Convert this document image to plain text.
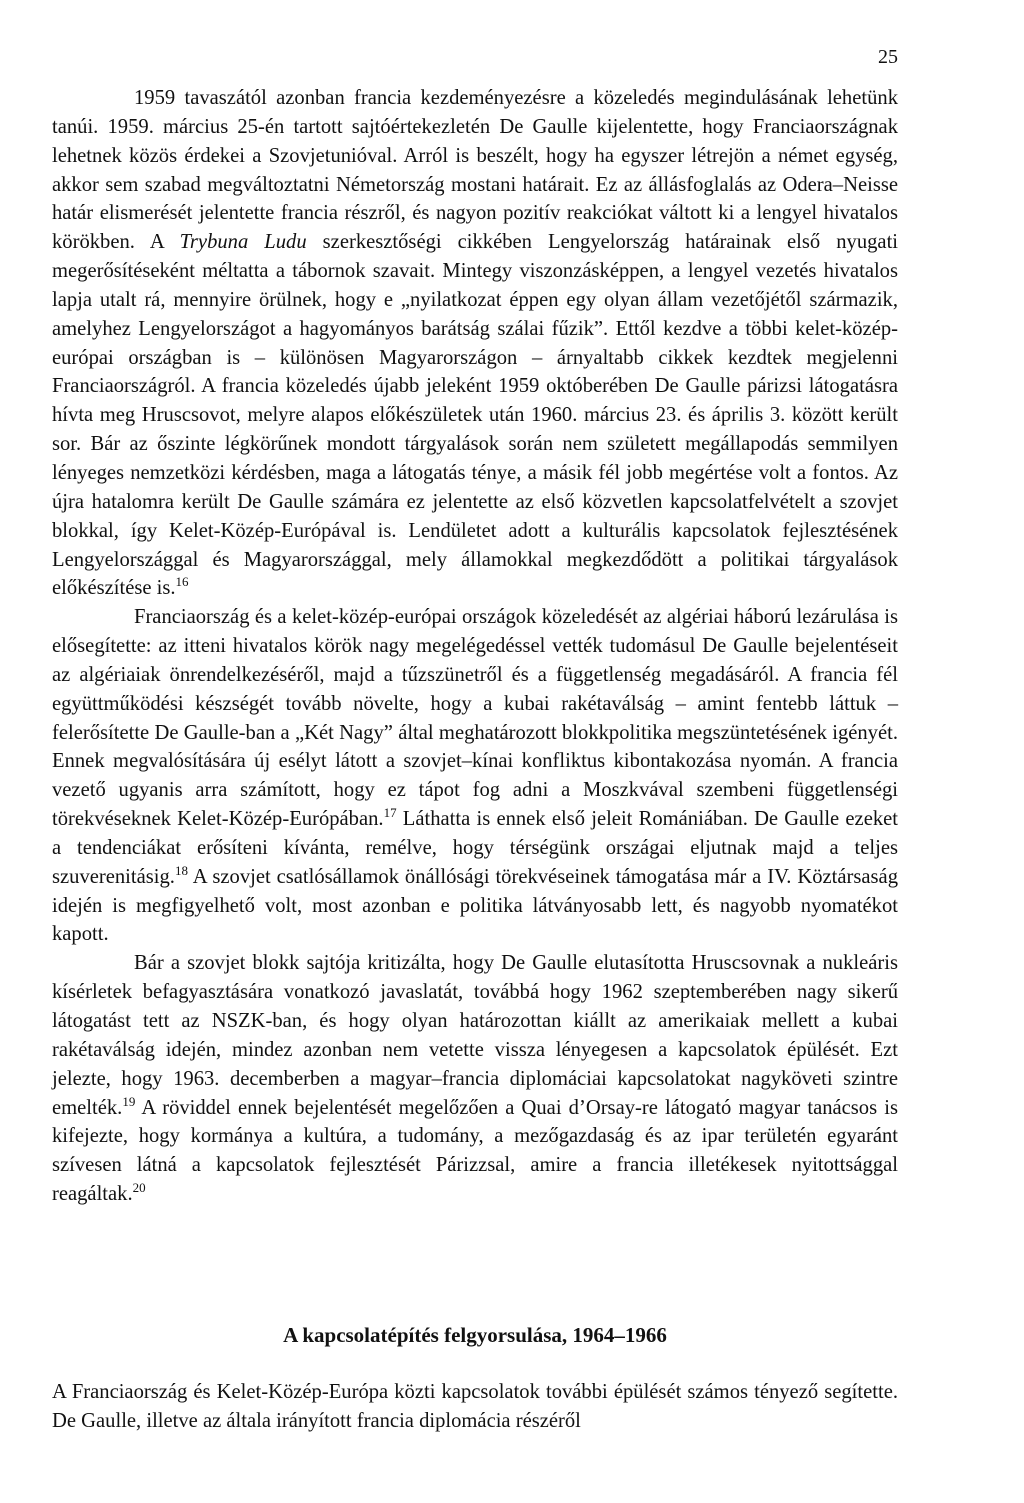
25

1959 tavaszától azonban francia kezdeményezésre a közeledés megindulásának lehetünk tanúi. 1959. március 25-én tartott sajtóértekezletén De Gaulle kijelentette, hogy Franciaországnak lehetnek közös érdekei a Szovjetunióval. Arról is beszélt, hogy ha egyszer létrejön a német egység, akkor sem szabad megváltoztatni Németország mostani határait. Ez az állásfoglalás az Odera–Neisse határ elismerését jelentette francia részről, és nagyon pozitív reakciókat váltott ki a lengyel hivatalos körökben. A Trybuna Ludu szerkesztőségi cikkében Lengyelország határainak első nyugati megerősítéseként méltatta a tábornok szavait. Mintegy viszonzásképpen, a lengyel vezetés hivatalos lapja utalt rá, mennyire örülnek, hogy e „nyilatkozat éppen egy olyan állam vezetőjétől származik, amelyhez Lengyelországot a hagyományos barátság szálai fűzik”. Ettől kezdve a többi kelet-közép-európai országban is – különösen Magyarországon – árnyaltabb cikkek kezdtek megjelenni Franciaországról. A francia közeledés újabb jeleként 1959 októberében De Gaulle párizsi látogatásra hívta meg Hruscsovot, melyre alapos előkészületek után 1960. március 23. és április 3. között került sor. Bár az őszinte légkörűnek mondott tárgyalások során nem született megállapodás semmilyen lényeges nemzetközi kérdésben, maga a látogatás ténye, a másik fél jobb megértése volt a fontos. Az újra hatalomra került De Gaulle számára ez jelentette az első közvetlen kapcsolatfelvételt a szovjet blokkal, így Kelet-Közép-Európával is. Lendületet adott a kulturális kapcsolatok fejlesztésének Lengyelországgal és Magyarországgal, mely államokkal megkezdődött a politikai tárgyalások előkészítése is.$^{16}$

Franciaország és a kelet-közép-európai országok közeledését az algériai háború lezárulása is elősegítette: az itteni hivatalos körök nagy megelégedéssel vették tudomásul De Gaulle bejelentéseit az algériaiak önrendelkezéséről, majd a tűzszünetről és a függetlenség megadásáról. A francia fél együttműködési készségét tovább növelte, hogy a kubai rakétaválság – amint fentebb láttuk – felerősítette De Gaulle-ban a „Két Nagy” által meghatározott blokkpolitika megszüntetésének igényét. Ennek megvalósítására új esélyt látott a szovjet–kínai konfliktus kibontakozása nyomán. A francia vezető ugyanis arra számított, hogy ez tápot fog adni a Moszkvával szembeni függetlenségi törekvéseknek Kelet-Közép-Európában.$^{17}$ Láthatta is ennek első jeleit Romániában. De Gaulle ezeket a tendenciákat erősíteni kívánta, remélve, hogy térségünk országai eljutnak majd a teljes szuverenitásig.$^{18}$ A szovjet csatlósállamok önállósági törekvéseinek támogatása már a IV. Köztársaság idején is megfigyelhető volt, most azonban e politika látványosabb lett, és nagyobb nyomatékot kapott.

Bár a szovjet blokk sajtója kritizálta, hogy De Gaulle elutasította Hruscsovnak a nukleáris kísérletek befagyasztására vonatkozó javaslatát, továbbá hogy 1962 szeptemberében nagy sikerű látogatást tett az NSZK-ban, és hogy olyan határozottan kiállt az amerikaiak mellett a kubai rakétaválság idején, mindez azonban nem vetette vissza lényegesen a kapcsolatok épülését. Ezt jelezte, hogy 1963. decemberben a magyar–francia diplomáciai kapcsolatokat nagyköveti szintre emelték.$^{19}$ A röviddel ennek bejelentését megelőzően a Quai d’Orsay-re látogató magyar tanácsos is kifejezte, hogy kormánya a kultúra, a tudomány, a mezőgazdaság és az ipar területén egyaránt szívesen látná a kapcsolatok fejlesztését Párizzsal, amire a francia illetékesek nyitottsággal reagáltak.$^{20}$

A kapcsolatépítés felgyorsulása, 1964–1966

A Franciaország és Kelet-Közép-Európa közti kapcsolatok további épülését számos tényező segítette. De Gaulle, illetve az általa irányított francia diplomácia részéről
